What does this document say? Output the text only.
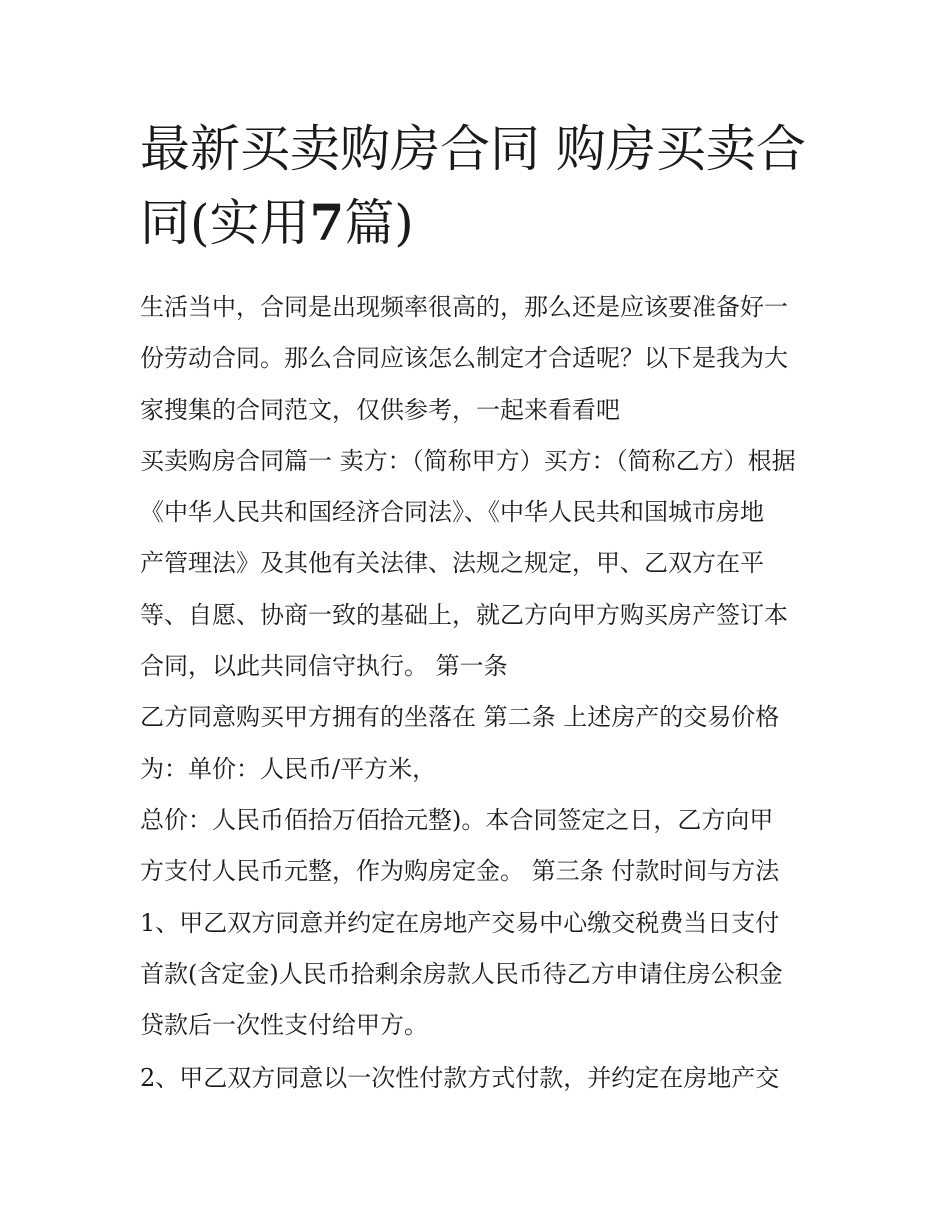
最新买卖购房合同 购房买卖合
同(实用7篇)

生活当中，合同是出现频率很高的，那么还是应该要准备好一

份劳动合同。那么合同应该怎么制定才合适呢？以下是我为大

家搜集的合同范文，仅供参考，一起来看看吧

买卖购房合同篇一 卖方：（简称甲方）买方：（简称乙方）根据

《中华人民共和国经济合同法》、《中华人民共和国城市房地

产管理法》及其他有关法律、法规之规定，甲、乙双方在平

等、自愿、协商一致的基础上，就乙方向甲方购买房产签订本

合同，以此共同信守执行。 第一条

乙方同意购买甲方拥有的坐落在 第二条 上述房产的交易价格

为：单价：人民币/平方米，

总价：人民币佰拾万佰拾元整)。本合同签定之日，乙方向甲

方支付人民币元整，作为购房定金。 第三条 付款时间与方法

1、甲乙双方同意并约定在房地产交易中心缴交税费当日支付

首款(含定金)人民币拾剩余房款人民币待乙方申请住房公积金

贷款后一次性支付给甲方。

2、甲乙双方同意以一次性付款方式付款，并约定在房地产交
